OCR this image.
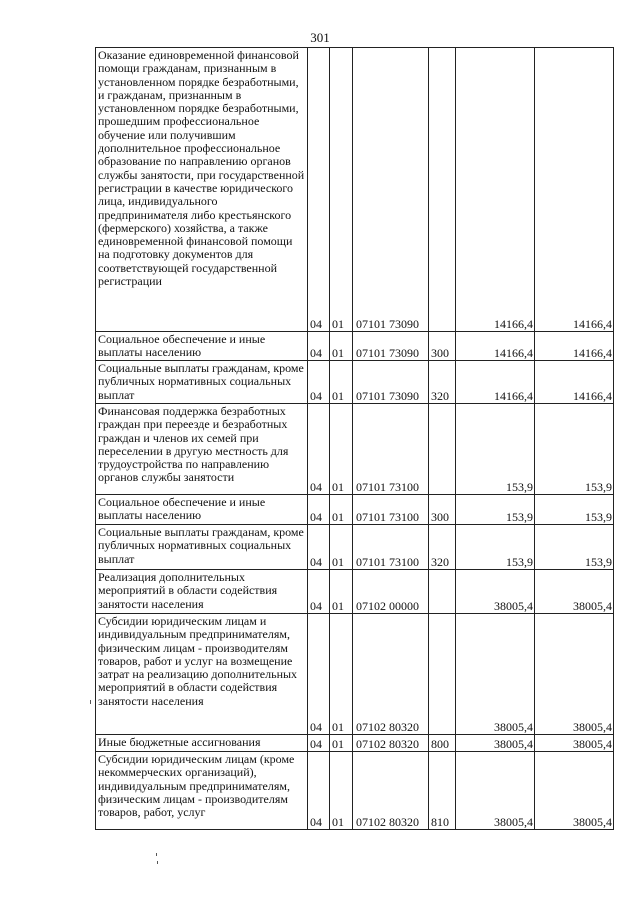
301
Оказание единовременной финансовой помощи гражданам, признанным в установленном порядке безработными, и гражданам, признанным в установленном порядке безработными, прошедшим профессиональное обучение или получившим дополнительное профессиональное образование по направлению органов службы занятости, при государственной регистрации в качестве юридического лица, индивидуального предпринимателя либо крестьянского (фермерского) хозяйства, а также единовременной финансовой помощи на подготовку документов для соответствующей государственной регистрации	04	01	07101 73090		14166,4	14166,4
Социальное обеспечение и иные выплаты населению	04	01	07101 73090	300	14166,4	14166,4
Социальные выплаты гражданам, кроме публичных нормативных социальных выплат	04	01	07101 73090	320	14166,4	14166,4
Финансовая поддержка безработных граждан при переезде и безработных граждан и членов их семей при переселении в другую местность для трудоустройства по направлению органов службы занятости	04	01	07101 73100		153,9	153,9
Социальное обеспечение и иные выплаты населению	04	01	07101 73100	300	153,9	153,9
Социальные выплаты гражданам, кроме публичных нормативных социальных выплат	04	01	07101 73100	320	153,9	153,9
Реализация дополнительных мероприятий в области содействия занятости населения	04	01	07102 00000		38005,4	38005,4
Субсидии юридическим лицам и индивидуальным предпринимателям, физическим лицам - производителям товаров, работ и услуг на возмещение затрат на реализацию дополнительных мероприятий в области содействия занятости населения	04	01	07102 80320		38005,4	38005,4
Иные бюджетные ассигнования	04	01	07102 80320	800	38005,4	38005,4
Субсидии юридическим лицам (кроме некоммерческих организаций), индивидуальным предпринимателям, физическим лицам - производителям товаров, работ, услуг	04	01	07102 80320	810	38005,4	38005,4
